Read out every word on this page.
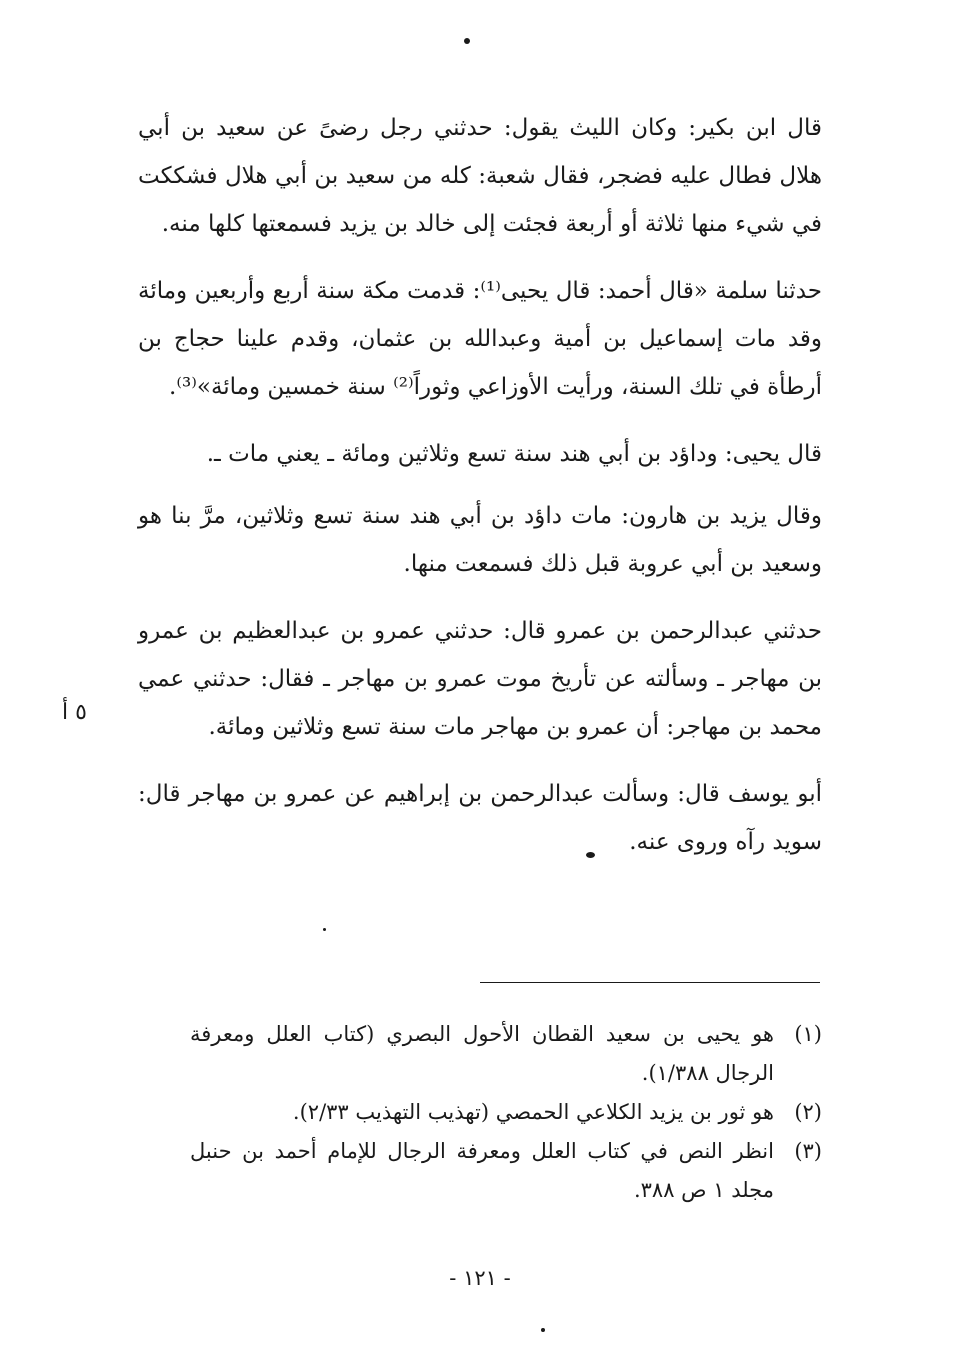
قال ابن بكير: وكان الليث يقول: حدثني رجل رضىً عن سعيد بن أبي هلال فطال عليه فضجر، فقال شعبة: كله من سعيد بن أبي هلال فشككت في شيء منها ثلاثة أو أربعة فجئت إلى خالد بن يزيد فسمعتها كلها منه.

حدثنا سلمة «قال أحمد: قال يحيى⁽¹⁾: قدمت مكة سنة أربع وأربعين ومائة وقد مات إسماعيل بن أمية وعبدالله بن عثمان، وقدم علينا حجاج بن أرطأة في تلك السنة، ورأيت الأوزاعي وثوراً⁽²⁾ سنة خمسين ومائة»⁽³⁾.

قال يحيى: وداؤد بن أبي هند سنة تسع وثلاثين ومائة ـ يعني مات ـ.

وقال يزيد بن هارون: مات داؤد بن أبي هند سنة تسع وثلاثين، مرَّ بنا هو وسعيد بن أبي عروبة قبل ذلك فسمعت منها.

حدثني عبدالرحمن بن عمرو قال: حدثني عمرو بن عبدالعظيم بن عمرو بن مهاجر ـ وسألته عن تأريخ موت عمرو بن مهاجر ـ فقال: حدثني عمي محمد بن مهاجر: أن عمرو بن مهاجر مات سنة تسع وثلاثين ومائة.

أبو يوسف قال: وسألت عبدالرحمن بن إبراهيم عن عمرو بن مهاجر قال: سويد رآه وروى عنه.

٥ أ
(١)
هو يحيى بن سعيد القطان الأحول البصري (كتاب العلل ومعرفة الرجال ١/٣٨٨).
(٢)
هو ثور بن يزيد الكلاعي الحمصي (تهذيب التهذيب ٢/٣٣).
(٣)
انظر النص في كتاب العلل ومعرفة الرجال للإمام أحمد بن حنبل مجلد ١ ص ٣٨٨.
- ١٢١ -
